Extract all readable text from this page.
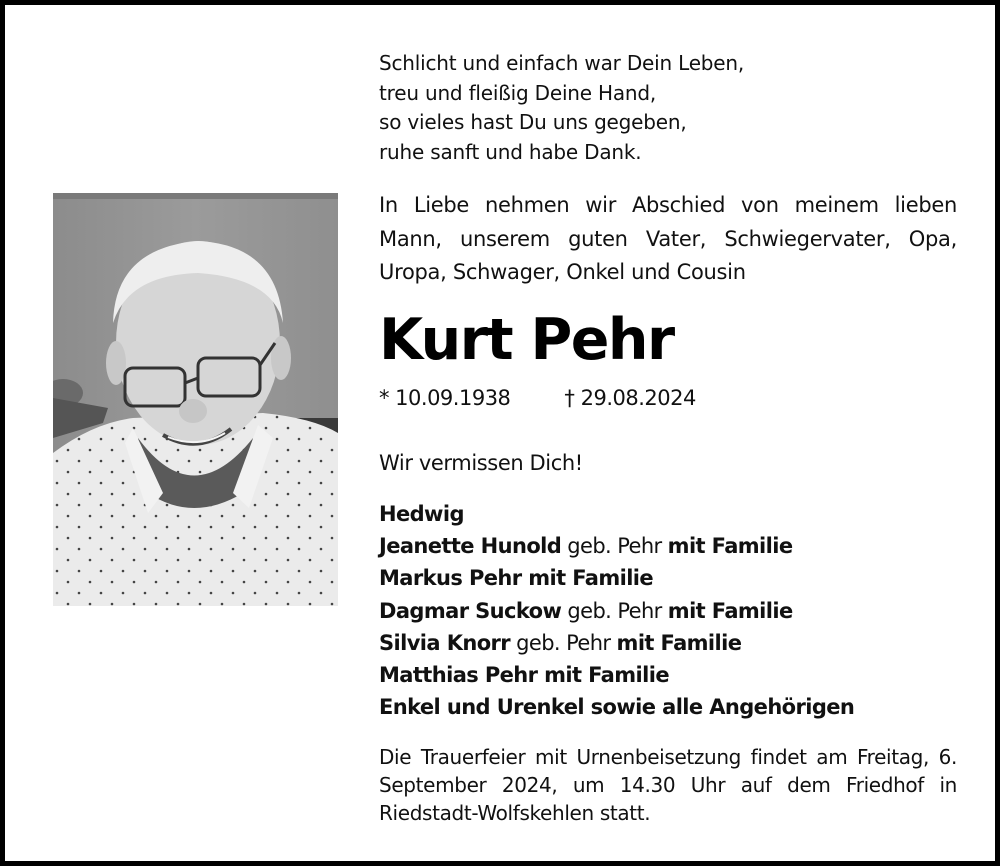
Schlicht und einfach war Dein Leben,
treu und fleißig Deine Hand,
so vieles hast Du uns gegeben,
ruhe sanft und habe Dank.
In Liebe nehmen wir Abschied von meinem lieben Mann, unserem guten Vater, Schwiegervater, Opa, Uropa, Schwager, Onkel und Cousin
Kurt Pehr
* 10.09.1938	† 29.08.2024
Wir vermissen Dich!
Hedwig
Jeanette Hunold geb. Pehr mit Familie
Markus Pehr mit Familie
Dagmar Suckow geb. Pehr mit Familie
Silvia Knorr geb. Pehr mit Familie
Matthias Pehr mit Familie
Enkel und Urenkel sowie alle Angehörigen
Die Trauerfeier mit Urnenbeisetzung findet am Freitag, 6. September 2024, um 14.30 Uhr auf dem Friedhof in Riedstadt-Wolfskehlen statt.
